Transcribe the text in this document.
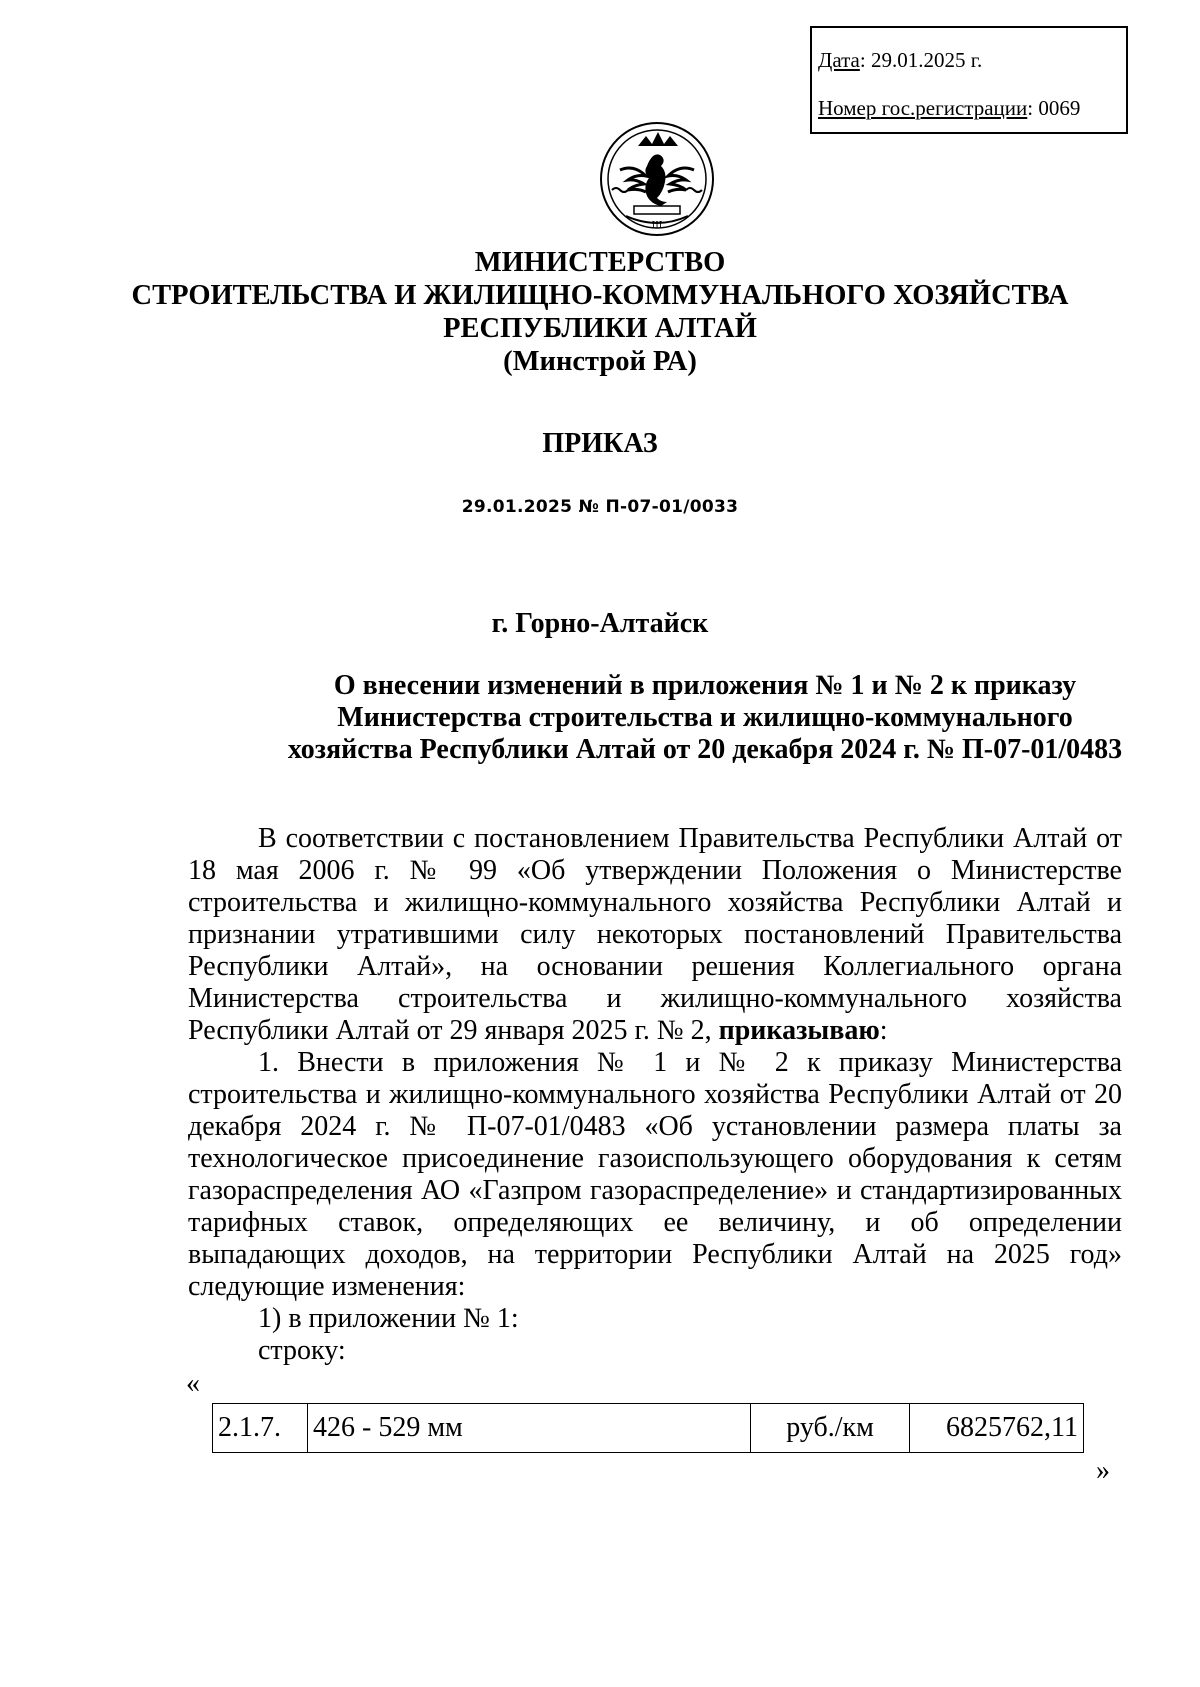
Дата: 29.01.2025 г.
Номер гос.регистрации: 0069
III
МИНИСТЕРСТВО
СТРОИТЕЛЬСТВА И ЖИЛИЩНО-КОММУНАЛЬНОГО ХОЗЯЙСТВА
РЕСПУБЛИКИ АЛТАЙ
(Минстрой РА)
ПРИКАЗ
29.01.2025 № П-07-01/0033
г. Горно-Алтайск
О внесении изменений в приложения № 1 и № 2 к приказу
Министерства строительства и жилищно-коммунального
хозяйства Республики Алтай от 20 декабря 2024 г. № П-07-01/0483

В соответствии с постановлением Правительства Республики Алтай от 18 мая 2006 г. № 99 «Об утверждении Положения о Министерстве строительства и жилищно-коммунального хозяйства Республики Алтай и признании утратившими силу некоторых постановлений Правительства Республики Алтай», на основании решения Коллегиального органа Министерства строительства и жилищно-коммунального хозяйства Республики Алтай от 29 января 2025 г. № 2, приказываю:

1. Внести в приложения № 1 и № 2 к приказу Министерства строительства и жилищно-коммунального хозяйства Республики Алтай от 20 декабря 2024 г. № П-07-01/0483 «Об установлении размера платы за технологическое присоединение газоиспользующего оборудования к сетям газораспределения АО «Газпром газораспределение» и стандартизированных тарифных ставок, определяющих ее величину, и об определении выпадающих доходов, на территории Республики Алтай на 2025 год» следующие изменения:

1) в приложении № 1:
строку:
«
2.1.7.	426 - 529 мм	руб./км	6825762,11
»
